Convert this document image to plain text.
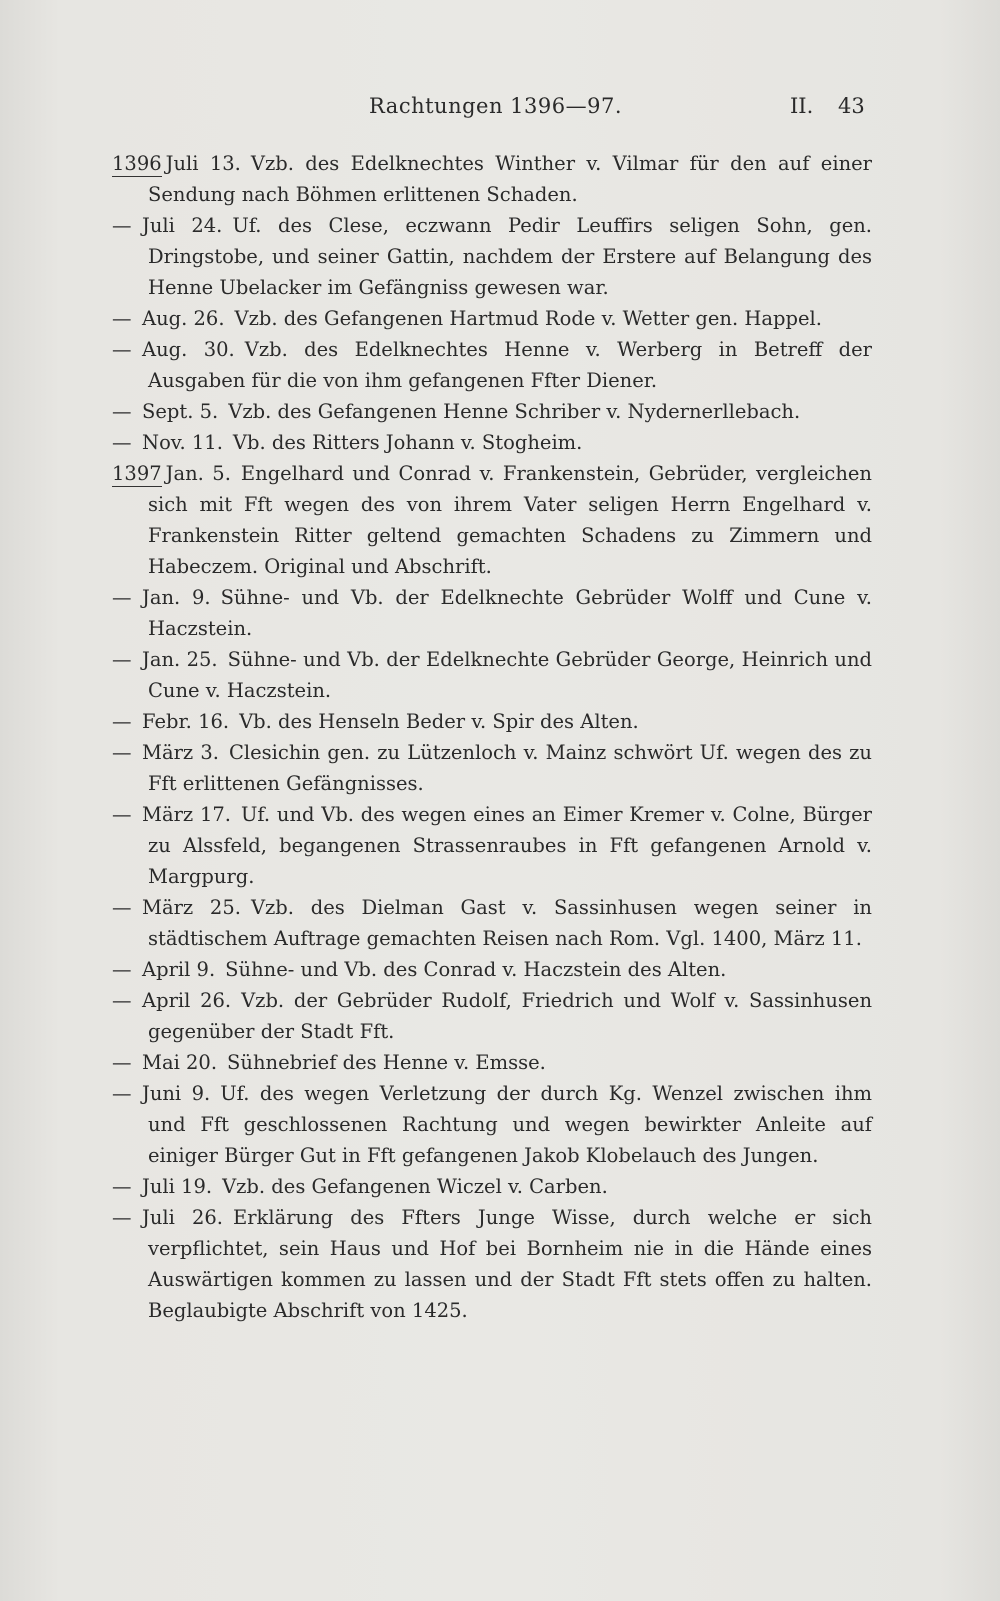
Rachtungen 1396—97.	II. 43
1396 Juli 13. Vzb. des Edelknechtes Winther v. Vilmar für den auf einer Sendung nach Böhmen erlittenen Schaden.
— Juli 24. Uf. des Clese, eczwann Pedir Leuffirs seligen Sohn, gen. Dringstobe, und seiner Gattin, nachdem der Erstere auf Belangung des Henne Ubelacker im Gefängniss gewesen war.
— Aug. 26. Vzb. des Gefangenen Hartmud Rode v. Wetter gen. Happel.
— Aug. 30. Vzb. des Edelknechtes Henne v. Werberg in Betreff der Ausgaben für die von ihm gefangenen Ffter Diener.
— Sept. 5. Vzb. des Gefangenen Henne Schriber v. Nydernerllebach.
— Nov. 11. Vb. des Ritters Johann v. Stogheim.
1397 Jan. 5. Engelhard und Conrad v. Frankenstein, Gebrüder, vergleichen sich mit Fft wegen des von ihrem Vater seligen Herrn Engelhard v. Frankenstein Ritter geltend gemachten Schadens zu Zimmern und Habeczem. Original und Abschrift.
— Jan. 9. Sühne- und Vb. der Edelknechte Gebrüder Wolff und Cune v. Haczstein.
— Jan. 25. Sühne- und Vb. der Edelknechte Gebrüder George, Heinrich und Cune v. Haczstein.
— Febr. 16. Vb. des Henseln Beder v. Spir des Alten.
— März 3. Clesichin gen. zu Lützenloch v. Mainz schwört Uf. wegen des zu Fft erlittenen Gefängnisses.
— März 17. Uf. und Vb. des wegen eines an Eimer Kremer v. Colne, Bürger zu Alssfeld, begangenen Strassenraubes in Fft gefangenen Arnold v. Margpurg.
— März 25. Vzb. des Dielman Gast v. Sassinhusen wegen seiner in städtischem Auftrage gemachten Reisen nach Rom. Vgl. 1400, März 11.
— April 9. Sühne- und Vb. des Conrad v. Haczstein des Alten.
— April 26. Vzb. der Gebrüder Rudolf, Friedrich und Wolf v. Sassinhusen gegenüber der Stadt Fft.
— Mai 20. Sühnebrief des Henne v. Emsse.
— Juni 9. Uf. des wegen Verletzung der durch Kg. Wenzel zwischen ihm und Fft geschlossenen Rachtung und wegen bewirkter Anleite auf einiger Bürger Gut in Fft gefangenen Jakob Klobelauch des Jungen.
— Juli 19. Vzb. des Gefangenen Wiczel v. Carben.
— Juli 26. Erklärung des Ffters Junge Wisse, durch welche er sich verpflichtet, sein Haus und Hof bei Bornheim nie in die Hände eines Auswärtigen kommen zu lassen und der Stadt Fft stets offen zu halten. Beglaubigte Abschrift von 1425.
